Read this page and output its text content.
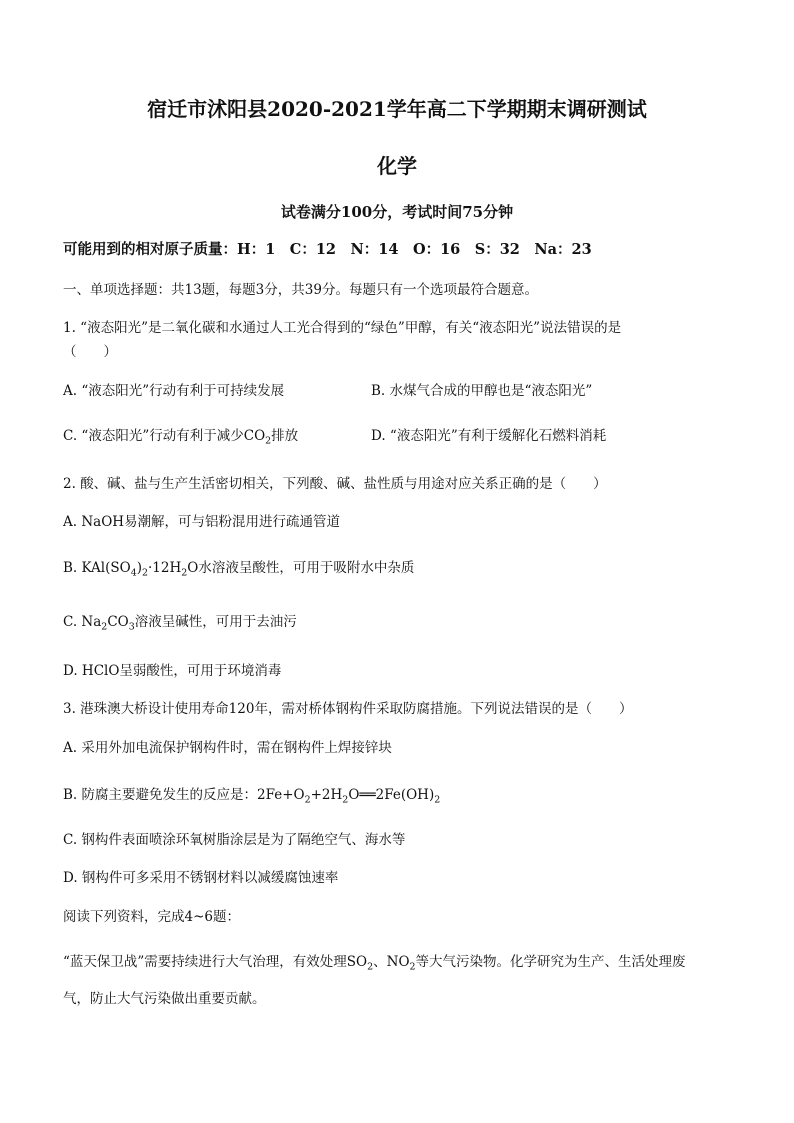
宿迁市沭阳县2020-2021学年高二下学期期末调研测试
化学
试卷满分100分，考试时间75分钟
可能用到的相对原子质量：H：1　C：12　N：14　O：16　S：32　Na：23
一、单项选择题：共13题，每题3分，共39分。每题只有一个选项最符合题意。
1. “液态阳光”是二氧化碳和水通过人工光合得到的“绿色”甲醇，有关“液态阳光”说法错误的是
（　　）
A. “液态阳光”行动有利于可持续发展	B. 水煤气合成的甲醇也是“液态阳光”
C. “液态阳光”行动有利于减少$CO_2$排放	D. “液态阳光”有利于缓解化石燃料消耗
2. 酸、碱、盐与生产生活密切相关，下列酸、碱、盐性质与用途对应关系正确的是（　　）
A. NaOH易潮解，可与铝粉混用进行疏通管道
B. $KAl(SO_4)_2\cdot 12H_2O$水溶液呈酸性，可用于吸附水中杂质
C. $Na_2CO_3$溶液呈碱性，可用于去油污
D. HClO呈弱酸性，可用于环境消毒
3. 港珠澳大桥设计使用寿命120年，需对桥体钢构件采取防腐措施。下列说法错误的是（　　）
A. 采用外加电流保护钢构件时，需在钢构件上焊接锌块
B. 防腐主要避免发生的反应是：$2Fe+O_2+2H_2O══2Fe(OH)_2$
C. 钢构件表面喷涂环氧树脂涂层是为了隔绝空气、海水等
D. 钢构件可多采用不锈钢材料以减缓腐蚀速率
阅读下列资料，完成4~6题：
“蓝天保卫战”需要持续进行大气治理，有效处理$SO_2$、$NO_2$等大气污染物。化学研究为生产、生活处理废
气，防止大气污染做出重要贡献。
